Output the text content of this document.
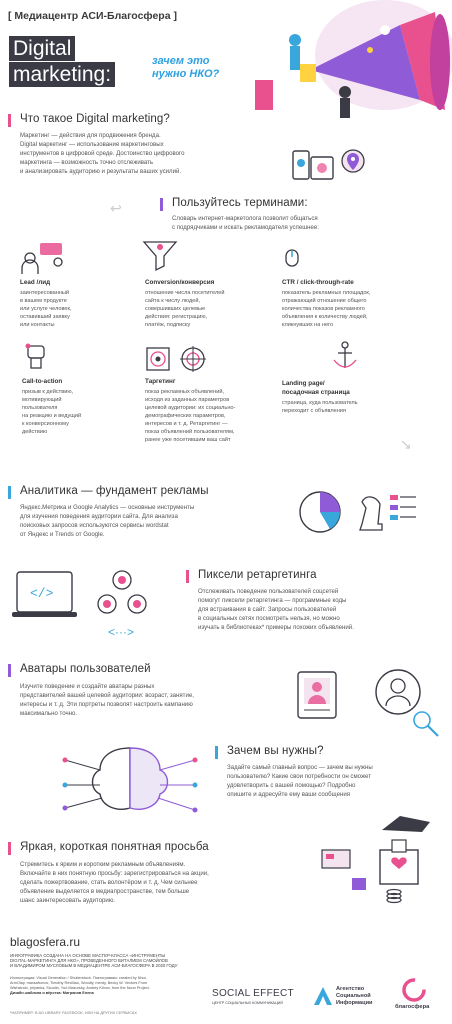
[ Медиацентр АСИ-Благосфера ]
Digital
marketing:
зачем это
нужно НКО?
Что такое Digital marketing?
Маркетинг — действия для продвижения бренда.
Digital маркетинг — использование маркетинговых
инструментов в цифровой среде. Достоинство цифрового
маркетинга — возможность точно отслеживать
и анализировать аудиторию и результаты ваших усилий.
↩	Пользуйтесь терминами:
Словарь интернет-маркетолога позволит общаться
с подрядчиками и искать рекламодателя успешнее:
Lead /лид
заинтересованный
в вашем продукте
или услуге человек,
оставивший заявку
или контакты
Conversion/конверсия
отношение числа посетителей
сайта к числу людей,
совершивших целевые
действия: регистрацию,
платёж, подписку
CTR / click-through-rate
показатель рекламных площадок,
отражающий отношение общего
количества показов рекламного
объявления к количеству людей,
кликнувших на него
Call-to-action
призыв к действию,
мотивирующий
пользователя
на реакцию и ведущий
к конверсионному
действию
Таргетинг
показ рекламных объявлений,
исходя из заданных параметров
целевой аудитории: их социально-
демографических параметров,
интересов и т. д. Ретаргетинг —
показ объявлений пользователям,
ранее уже посетившим ваш сайт
Landing page/
посадочная страница
страница, куда пользователь
переходит с объявления
↘
Аналитика — фундамент рекламы
Яндекс.Метрика и Google Analytics — основные инструменты
для изучения поведения аудитории сайта. Для анализа
поисковых запросов используются сервисы wordstat
от Яндекс и Trends от Google.
</>
<···>
Пиксели ретаргетинга
Отслеживать поведение пользователей соцсетей
помогут пиксели ретаргетинга — программные коды
для встраивания в сайт. Запросы пользователей
в социальных сетях посмотреть нельзя, но можно
изучать в библиотеках* примеры похожих объявлений.
Аватары пользователей
Изучите поведение и создайте аватары разных
представителей вашей целевой аудитории: возраст, занятие,
интересы и т. д. Эти портреты позволят настроить кампанию
максимально точно.
Зачем вы нужны?
Задайте самый главный вопрос — зачем вы нужны
пользователю? Какие свои потребности он сможет
удовлетворить с вашей помощью? Подробно
опишите и адресуйте ему ваши сообщения
Яркая, короткая понятная просьба
Стремитесь к ярким и коротким рекламным объявлениям.
Включайте в них понятную просьбу: зарегистрироваться на акции,
сделать пожертвование, стать волонтёром и т. д. Чем сильнее
объявление выделяется в медиапространстве, тем больше
шанс заинтересовать аудиторию.
blagosfera.ru
ИНФОГРАФИКА СОЗДАНА НА ОСНОВЕ МАСТЕР-КЛАССА «ИНСТРУМЕНТЫ
DIGITAL-МАРКЕТИНГА ДЛЯ НКО», ПРОВЕДЕННОГО ВИТАЛИЕМ САМОЙЛОВ
И ВЛАДИМИРОМ МУСЛОВЫМ В МЕДИАЦЕНТРЕ АСИ-БЛАГОСФЕРА В 2020 ГОДУ
Иллюстрации: Visual Generation / Shutterstock. Пиктограммы: created by Nhor,
ArmOlay, maxsafronov, Timothy Revilliao, Woodly, merdy, Becky W. Vectors From
Wishstrain, priyanka, Sicodin, Yuri Mazursky, Andrey Krivov, from the Noun Project.
Дизайн шаблона и вёрстка: Мигранов Елена
*НАПРИМЕР: В AD LIBRARY FACEBOOK, ИЛИ НА ДРУГИХ СЕРВИСАХ
SOCIAL EFFECT
ЦЕНТР СОЦИАЛЬНЫХ КОММУНИКАЦИЙ
Агентство
Социальной
Информации
благосфера
